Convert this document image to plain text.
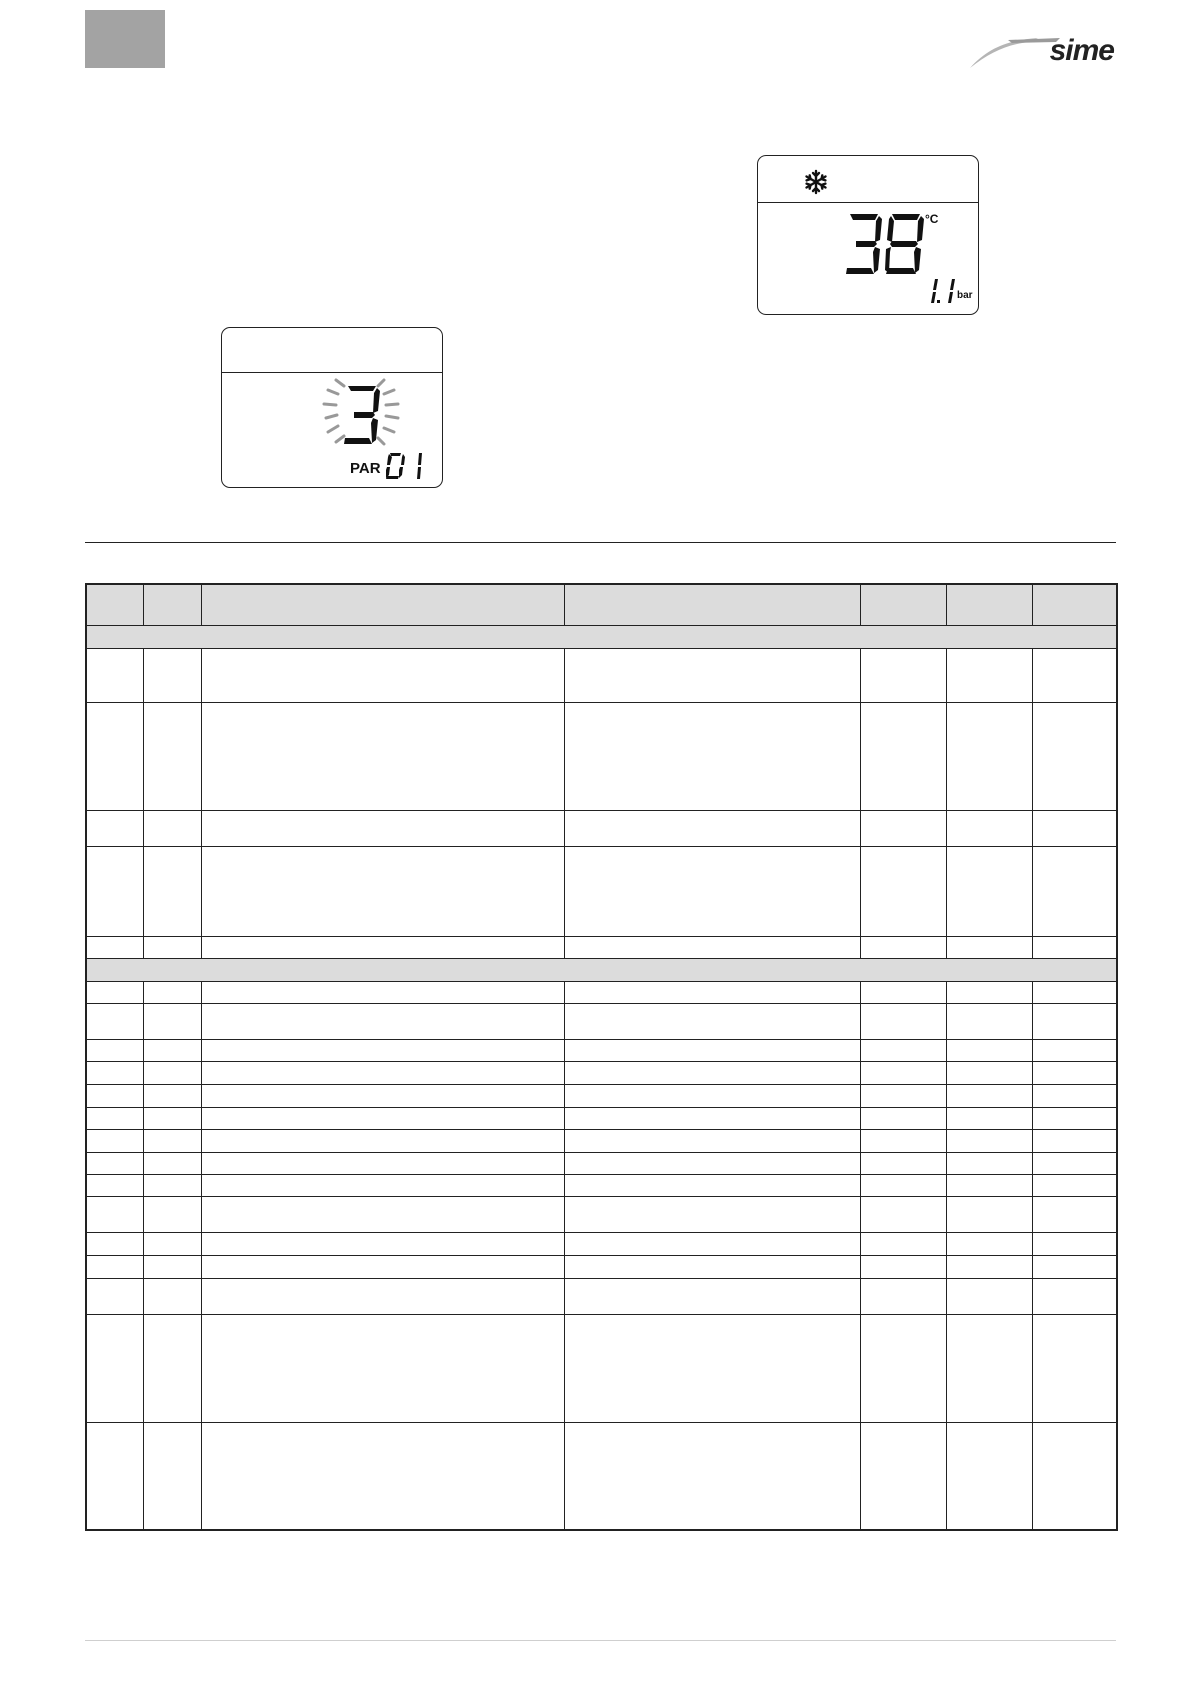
sime
°C
bar
PAR
